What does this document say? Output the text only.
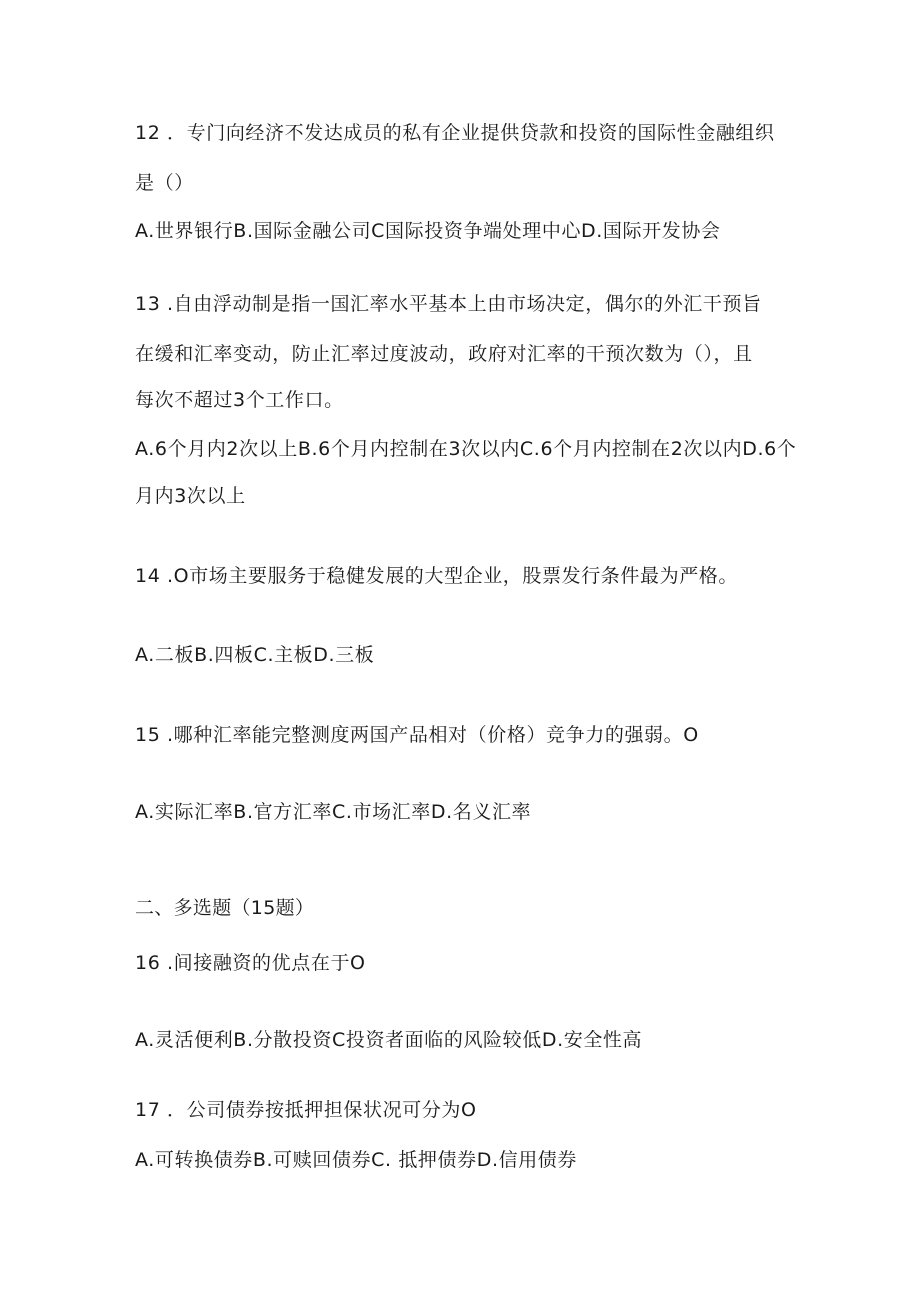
12 ．专门向经济不发达成员的私有企业提供贷款和投资的国际性金融组织
是（）
A.世界银行B.国际金融公司C国际投资争端处理中心D.国际开发协会
13 .自由浮动制是指一国汇率水平基本上由市场决定，偶尔的外汇干预旨
在缓和汇率变动，防止汇率过度波动，政府对汇率的干预次数为（），且
每次不超过3个工作口。
A.6个月内2次以上B.6个月内控制在3次以内C.6个月内控制在2次以内D.6个
月内3次以上
14 .O市场主要服务于稳健发展的大型企业，股票发行条件最为严格。
A.二板B.四板C.主板D.三板
15 .哪种汇率能完整测度两国产品相对（价格）竞争力的强弱。O
A.实际汇率B.官方汇率C.市场汇率D.名义汇率
二、多选题（15题）
16 .间接融资的优点在于O
A.灵活便利B.分散投资C投资者面临的风险较低D.安全性高
17 ．公司债券按抵押担保状况可分为O
A.可转换债券B.可赎回债券C. 抵押债券D.信用债券
